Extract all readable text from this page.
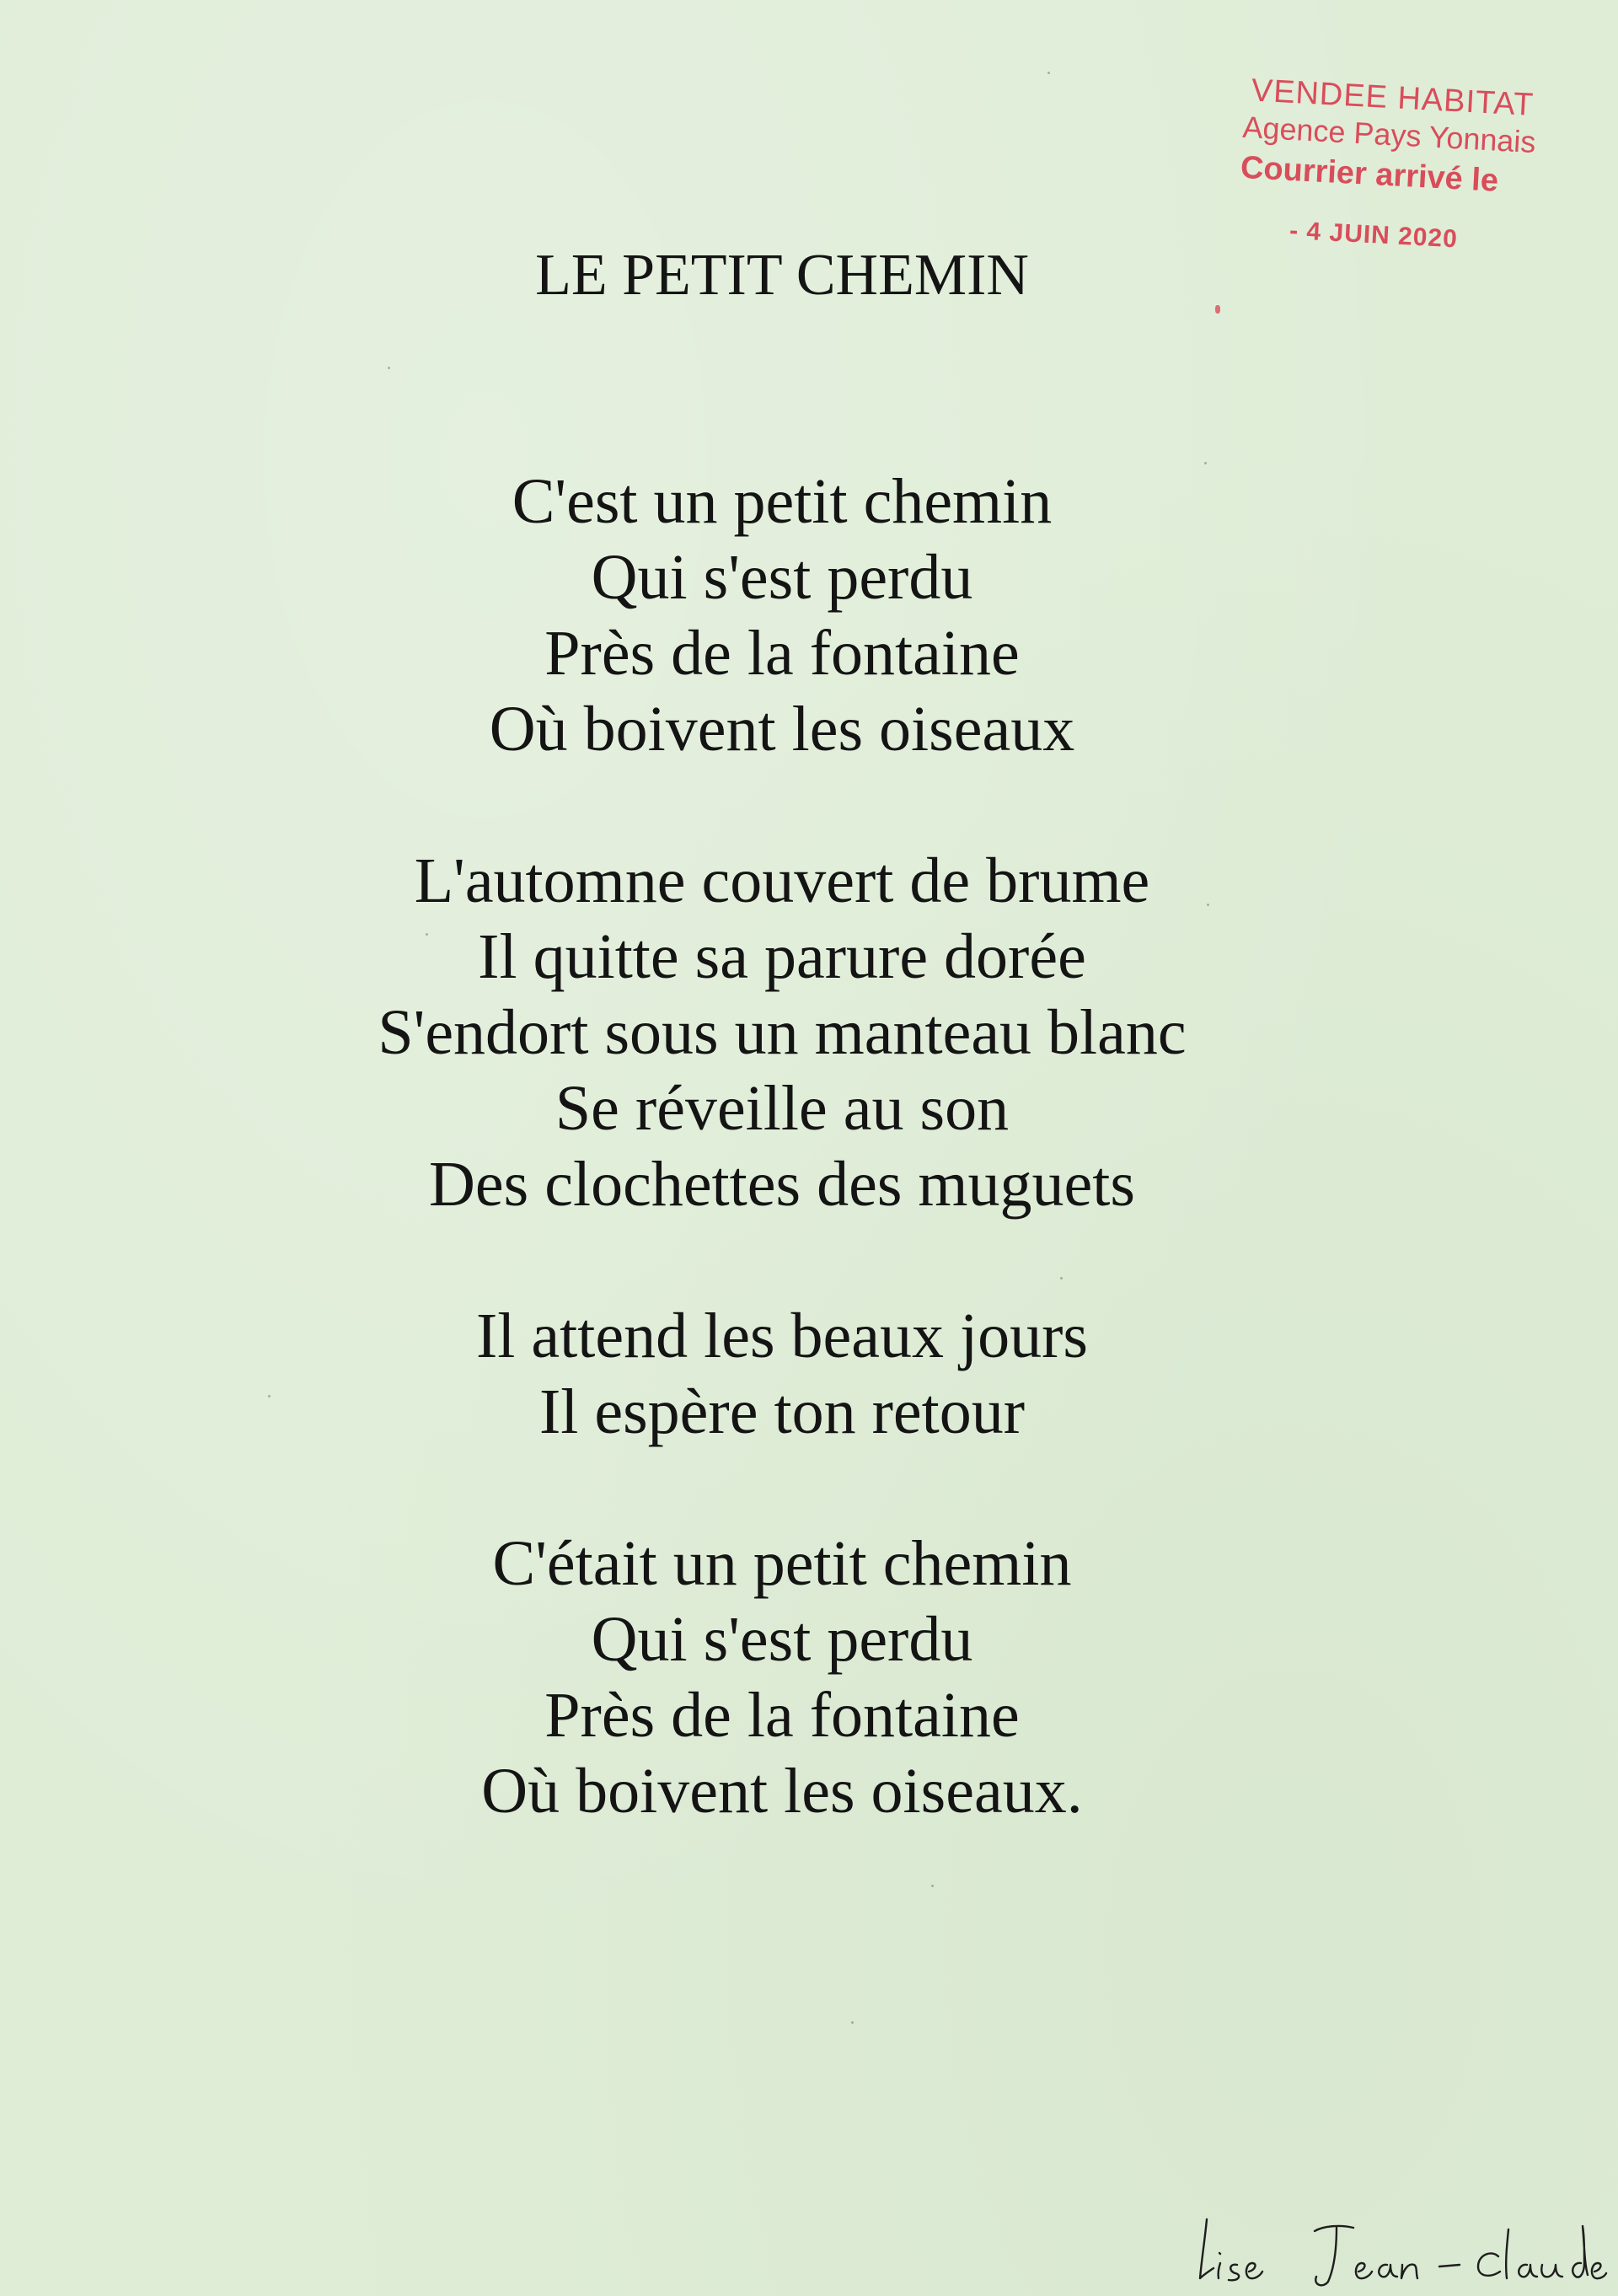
LE PETIT CHEMIN
C'est un petit chemin
Qui s'est perdu
Près de la fontaine
Où boivent les oiseaux
L'automne couvert de brume
Il quitte sa parure dorée
S'endort sous un manteau blanc
Se réveille au son
Des clochettes des muguets
Il attend les beaux jours
Il espère ton retour
C'était un petit chemin
Qui s'est perdu
Près de la fontaine
Où boivent les oiseaux.
VENDEE HABITAT
Agence Pays Yonnais
Courrier arrivé le
- 4 JUIN 2020
